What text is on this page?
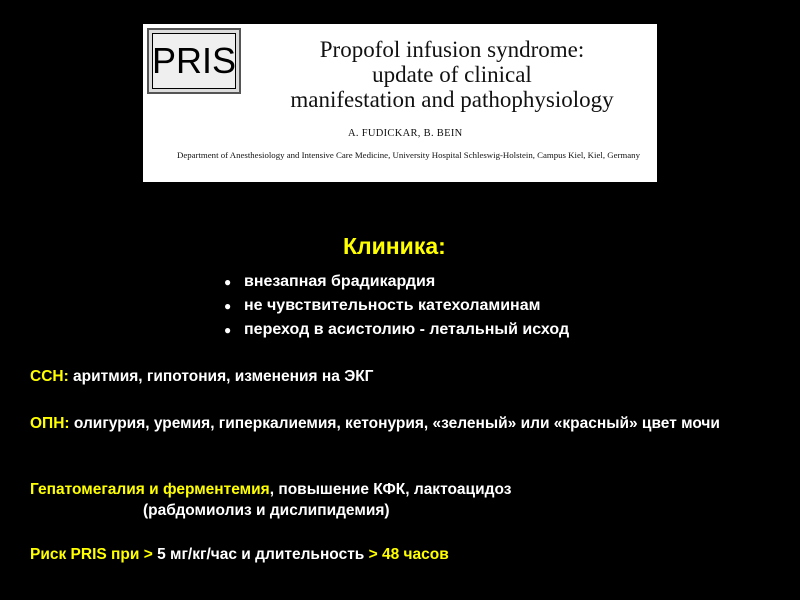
PRIS	Propofol infusion syndrome:
update of clinical
manifestation and pathophysiology
A. FUDICKAR, B. BEIN
Department of Anesthesiology and Intensive Care Medicine, University Hospital Schleswig-Holstein, Campus Kiel, Kiel, Germany
Клиника:
● внезапная брадикардия
● не чувствительность катехоламинам
● переход в асистолию - летальный исход
ССН: аритмия, гипотония, изменения на ЭКГ
ОПН: олигурия, уремия, гиперкалиемия, кетонурия, «зеленый» или «красный» цвет мочи
Гепатомегалия и ферментемия, повышение КФК, лактоацидоз
(рабдомиолиз и дислипидемия)
Риск PRIS при > 5 мг/кг/час и длительность > 48 часов
